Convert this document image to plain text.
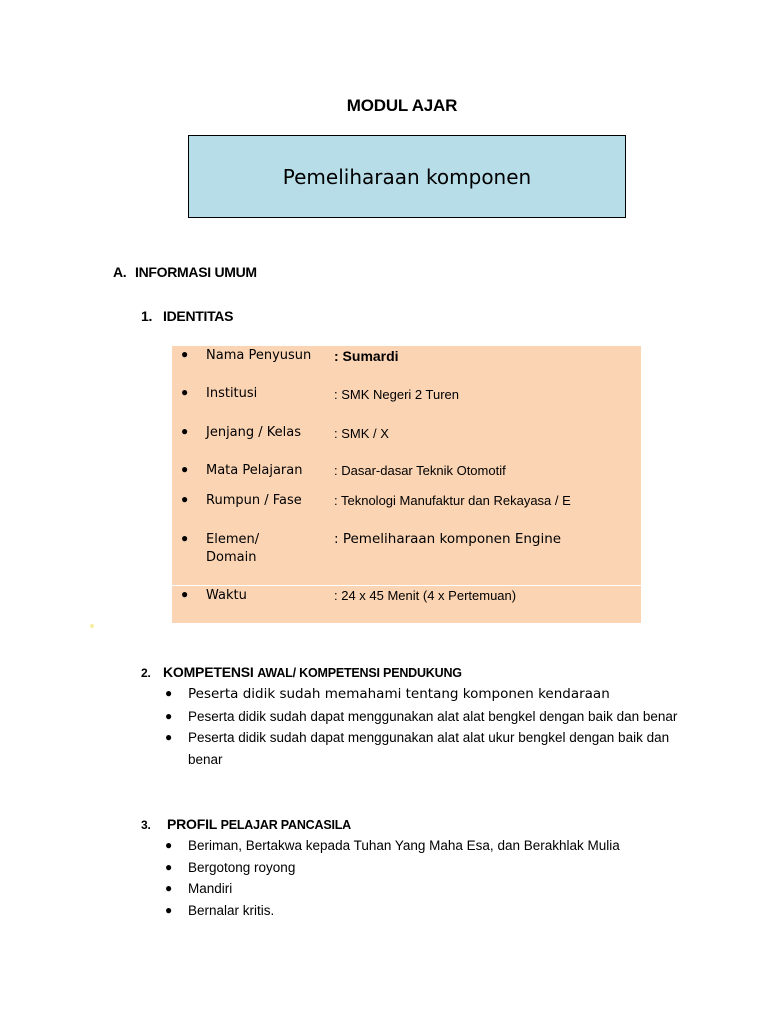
MODUL AJAR
Pemeliharaan komponen
A. INFORMASI UMUM
1. IDENTITAS
● Nama Penyusun	: Sumardi
● Institusi	: SMK Negeri 2 Turen
● Jenjang / Kelas	: SMK / X
● Mata Pelajaran	: Dasar-dasar Teknik Otomotif
● Rumpun / Fase	: Teknologi Manufaktur dan Rekayasa / E
● Elemen/ Domain
: Pemeliharaan komponen Engine
● Waktu	: 24 x 45 Menit (4 x Pertemuan)
2. KOMPETENSI AWAL/ KOMPETENSI PENDUKUNG
● Peserta didik sudah memahami tentang komponen kendaraan
● Peserta didik sudah dapat menggunakan alat alat bengkel dengan baik dan benar
● Peserta didik sudah dapat menggunakan alat alat ukur bengkel dengan baik dan benar
3. PROFIL PELAJAR PANCASILA
● Beriman, Bertakwa kepada Tuhan Yang Maha Esa, dan Berakhlak Mulia
● Bergotong royong
● Mandiri
● Bernalar kritis.
